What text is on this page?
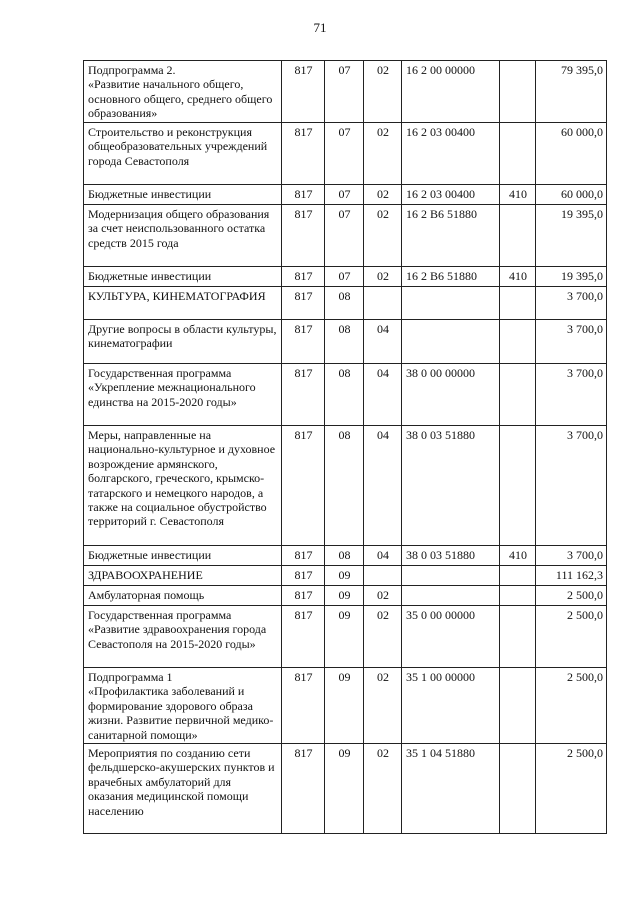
71
Подпрограмма 2.
«Развитие начального общего, основного общего, среднего общего образования»	817	07	02	16 2 00 00000		79 395,0
Строительство и реконструкция общеобразовательных учреждений города Севастополя	817	07	02	16 2 03 00400		60 000,0
Бюджетные инвестиции	817	07	02	16 2 03 00400	410	60 000,0
Модернизация общего образования за счет неиспользованного остатка средств 2015 года	817	07	02	16 2 В6 51880		19 395,0
Бюджетные инвестиции	817	07	02	16 2 В6 51880	410	19 395,0
КУЛЬТУРА, КИНЕМАТОГРАФИЯ	817	08				3 700,0
Другие вопросы в области культуры, кинематографии	817	08	04			3 700,0
Государственная программа «Укрепление межнационального единства на 2015-2020 годы»	817	08	04	38 0 00 00000		3 700,0
Меры, направленные на национально-культурное и духовное возрождение армянского, болгарского, греческого, крымско-татарского и немецкого народов, а также на социальное обустройство территорий г. Севастополя	817	08	04	38 0 03 51880		3 700,0
Бюджетные инвестиции	817	08	04	38 0 03 51880	410	3 700,0
ЗДРАВООХРАНЕНИЕ	817	09				111 162,3
Амбулаторная помощь	817	09	02			2 500,0
Государственная программа «Развитие здравоохранения города Севастополя на 2015-2020 годы»	817	09	02	35 0 00 00000		2 500,0
Подпрограмма 1
«Профилактика заболеваний и формирование здорового образа жизни. Развитие первичной медико-санитарной помощи»	817	09	02	35 1 00 00000		2 500,0
Мероприятия по созданию сети фельдшерско-акушерских пунктов и врачебных амбулаторий для оказания медицинской помощи населению	817	09	02	35 1 04 51880		2 500,0
